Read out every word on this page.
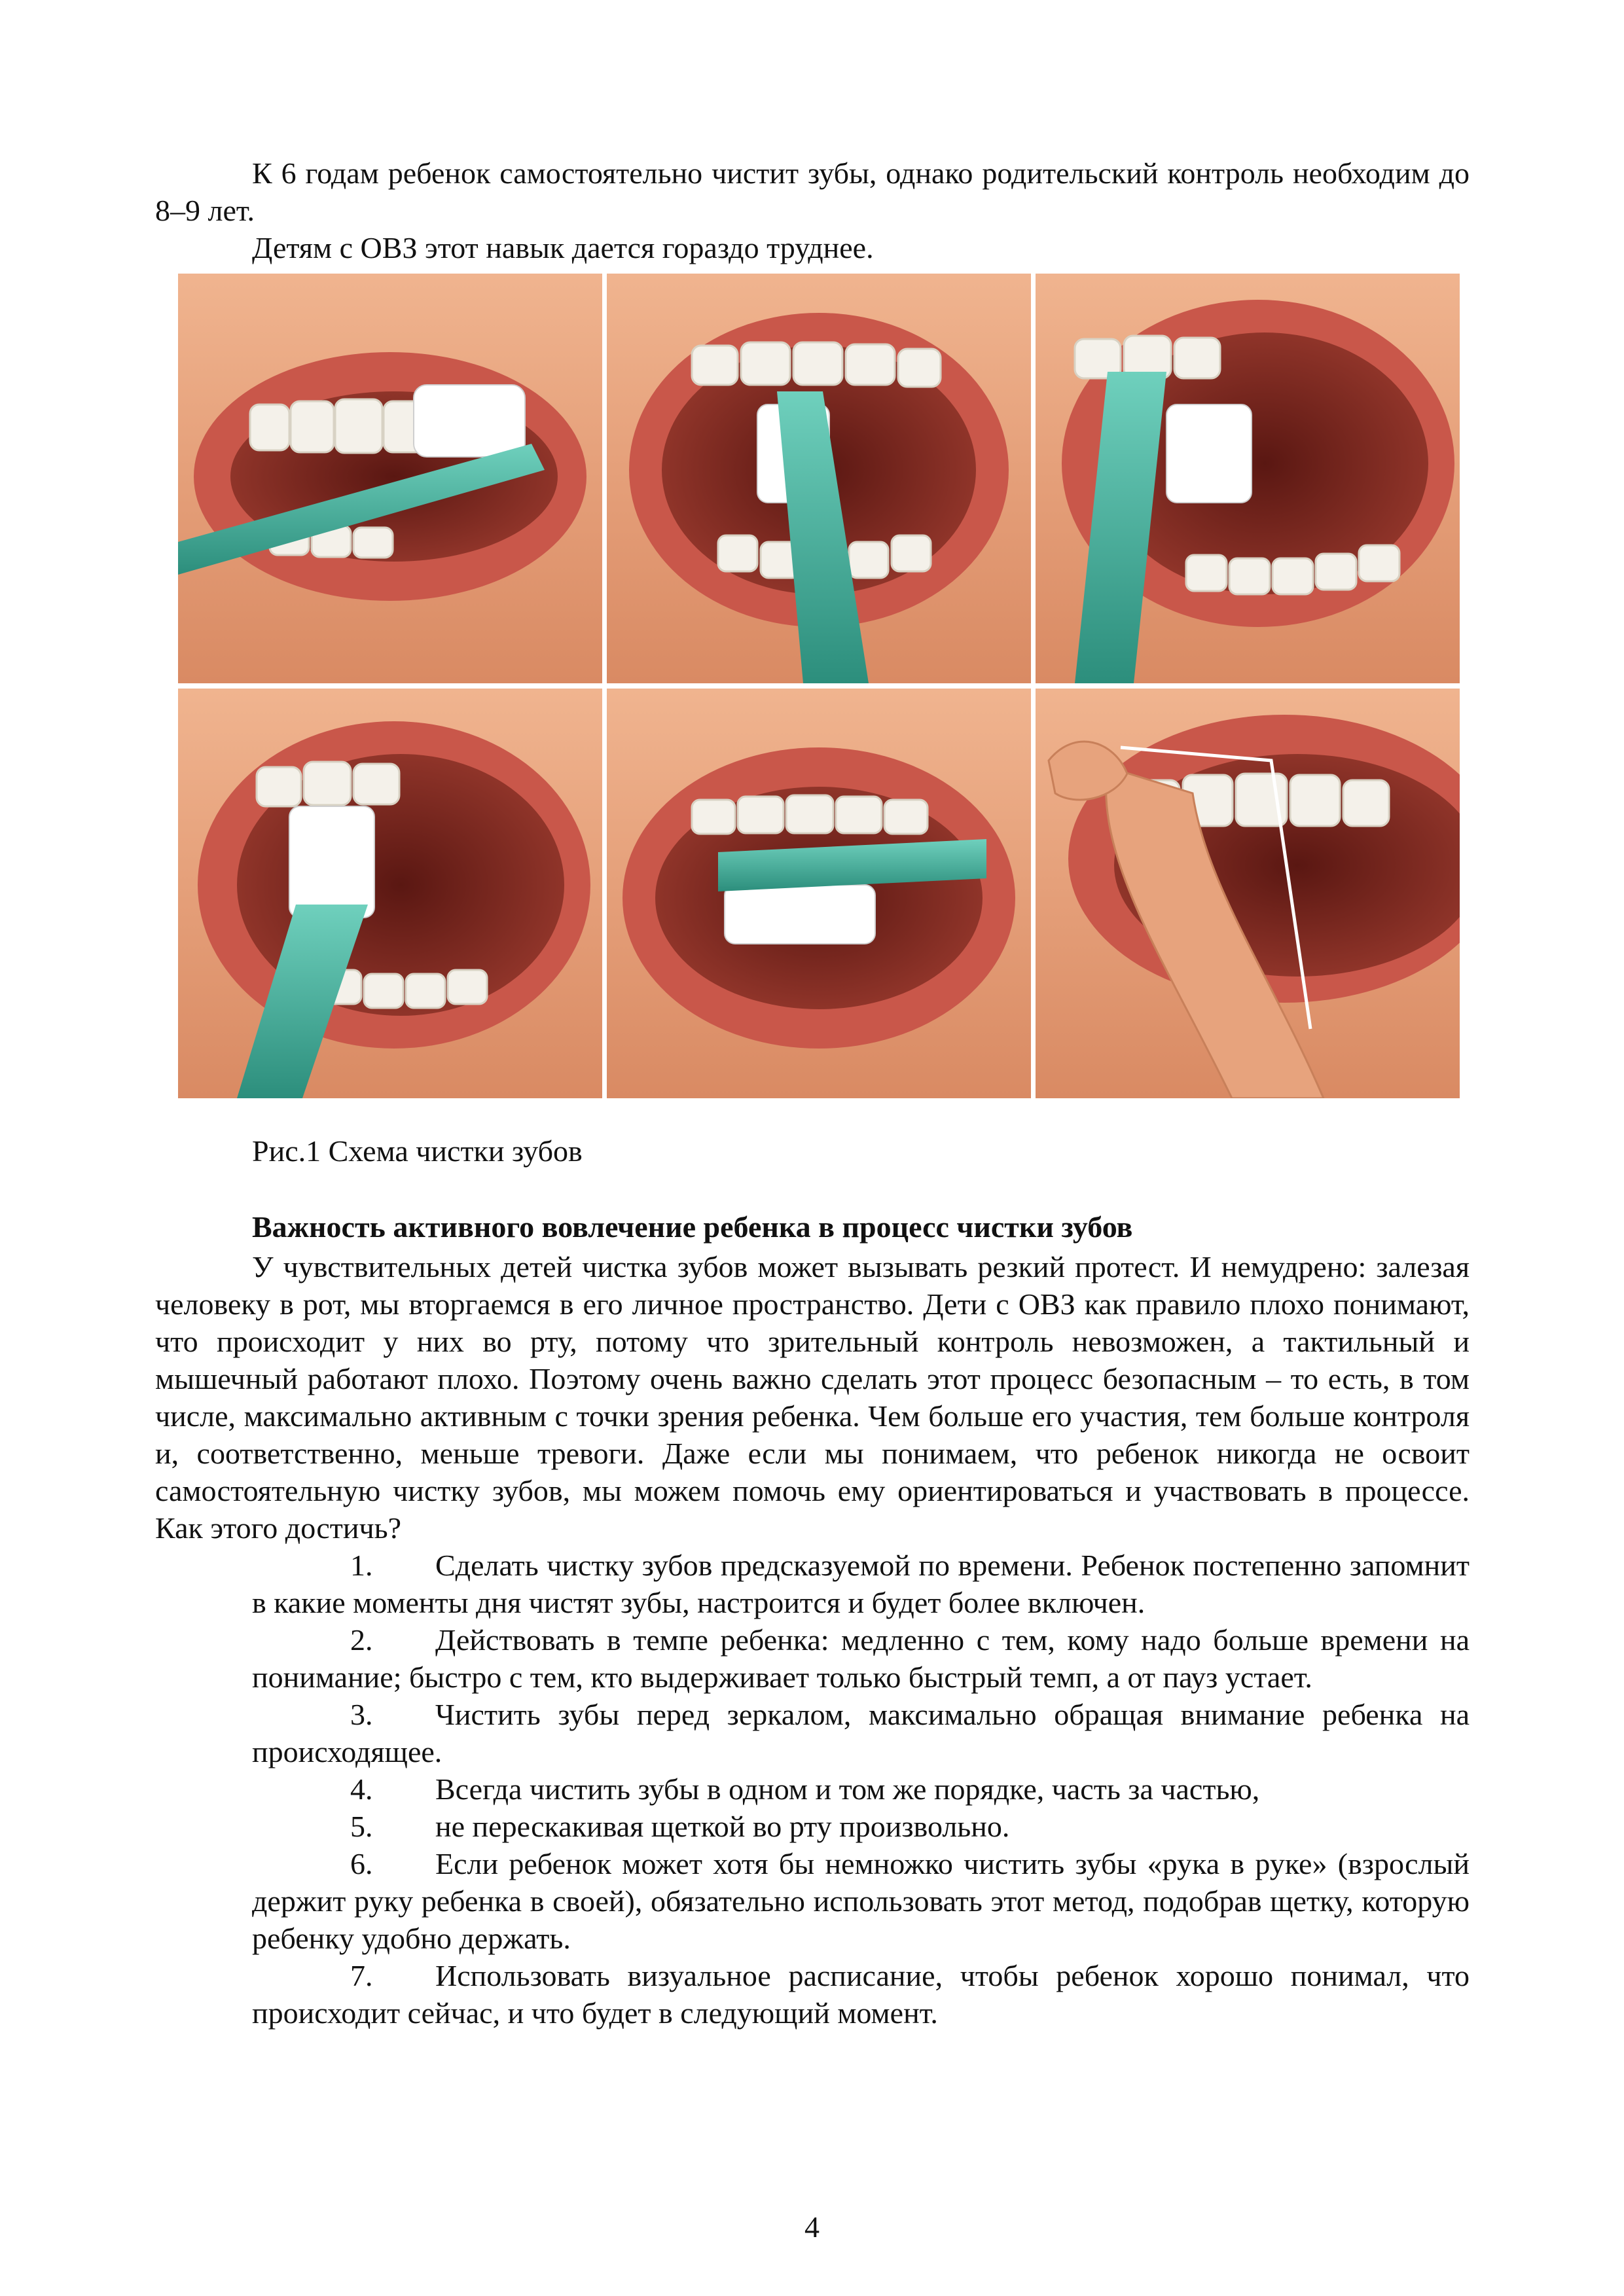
К 6 годам ребенок самостоятельно чистит зубы, однако родительский контроль необходим до 8–9 лет.

Детям с ОВЗ этот навык дается гораздо труднее.

Рис.1 Схема чистки зубов

Важность активного вовлечение ребенка в процесс чистки зубов

У чувствительных детей чистка зубов может вызывать резкий протест. И немудрено: залезая человеку в рот, мы вторгаемся в его личное пространство. Дети с ОВЗ как правило плохо понимают, что происходит у них во рту, потому что зрительный контроль невозможен, а тактильный и мышечный работают плохо. Поэтому очень важно сделать этот процесс безопасным – то есть, в том числе, максимально активным с точки зрения ребенка. Чем больше его участия, тем больше контроля и, соответственно, меньше тревоги. Даже если мы понимаем, что ребенок никогда не освоит самостоятельную чистку зубов, мы можем помочь ему ориентироваться и участвовать в процессе. Как этого достичь?

1. Сделать чистку зубов предсказуемой по времени. Ребенок постепенно запомнит в какие моменты дня чистят зубы, настроится и будет более включен.
2. Действовать в темпе ребенка: медленно с тем, кому надо больше времени на понимание; быстро с тем, кто выдерживает только быстрый темп, а от пауз устает.
3. Чистить зубы перед зеркалом, максимально обращая внимание ребенка на происходящее.
4. Всегда чистить зубы в одном и том же порядке, часть за частью,
5. не перескакивая щеткой во рту произвольно.
6. Если ребенок может хотя бы немножко чистить зубы «рука в руке» (взрослый держит руку ребенка в своей), обязательно использовать этот метод, подобрав щетку, которую ребенку удобно держать.
7. Использовать визуальное расписание, чтобы ребенок хорошо понимал, что происходит сейчас, и что будет в следующий момент.

4
